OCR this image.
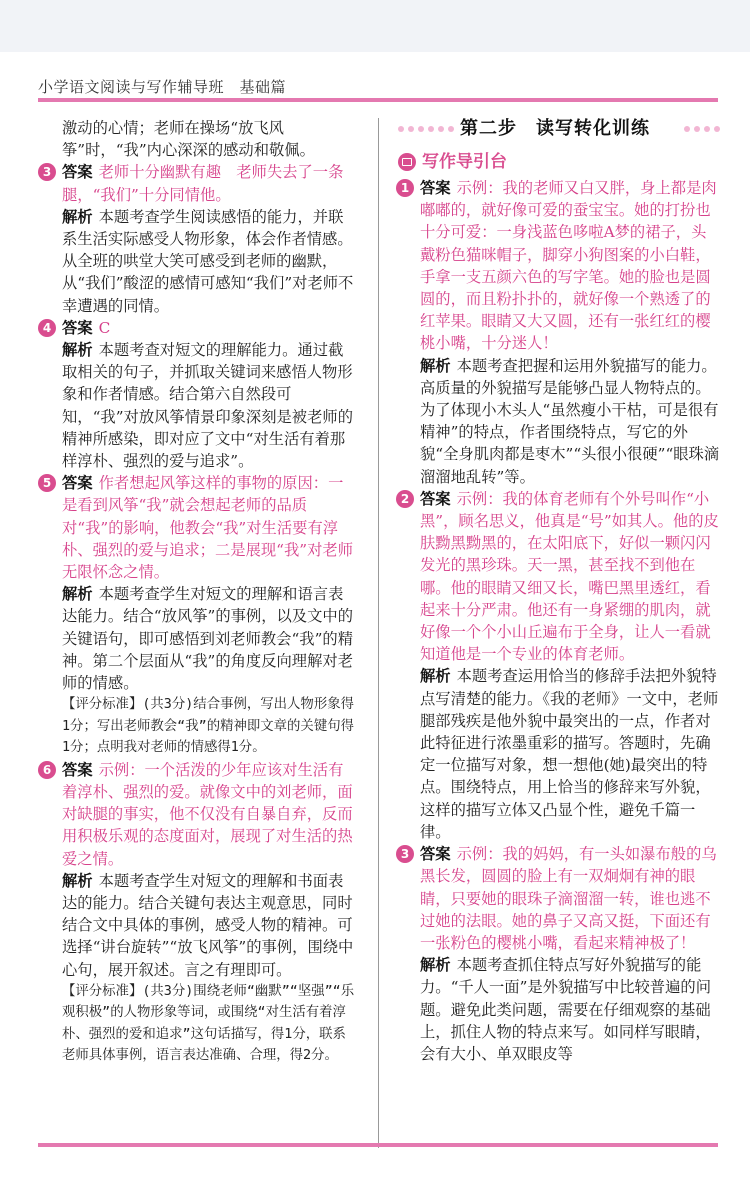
小学语文阅读与写作辅导班　基础篇

激动的心情；老师在操场“放飞风筝”时，“我”内心深深的感动和敬佩。

3 答案 老师十分幽默有趣　老师失去了一条腿，“我们”十分同情他。

解析 本题考查学生阅读感悟的能力，并联系生活实际感受人物形象，体会作者情感。从全班的哄堂大笑可感受到老师的幽默，从“我们”酸涩的感情可感知“我们”对老师不幸遭遇的同情。

4 答案 C

解析 本题考查对短文的理解能力。通过截取相关的句子，并抓取关键词来感悟人物形象和作者情感。结合第六自然段可知，“我”对放风筝情景印象深刻是被老师的精神所感染，即对应了文中“对生活有着那样淳朴、强烈的爱与追求”。

5 答案 作者想起风筝这样的事物的原因：一是看到风筝“我”就会想起老师的品质对“我”的影响，他教会“我”对生活要有淳朴、强烈的爱与追求；二是展现“我”对老师无限怀念之情。

解析 本题考查学生对短文的理解和语言表达能力。结合“放风筝”的事例，以及文中的关键语句，即可感悟到刘老师教会“我”的精神。第二个层面从“我”的角度反向理解对老师的情感。

【评分标准】(共3分)结合事例，写出人物形象得1分；写出老师教会“我”的精神即文章的关键句得1分；点明我对老师的情感得1分。

6 答案 示例：一个活泼的少年应该对生活有着淳朴、强烈的爱。就像文中的刘老师，面对缺腿的事实，他不仅没有自暴自弃，反而用积极乐观的态度面对，展现了对生活的热爱之情。

解析 本题考查学生对短文的理解和书面表达的能力。结合关键句表达主观意思，同时结合文中具体的事例，感受人物的精神。可选择“讲台旋转”“放飞风筝”的事例，围绕中心句，展开叙述。言之有理即可。

【评分标准】(共3分)围绕老师“幽默”“坚强”“乐观积极”的人物形象等词，或围绕“对生活有着淳朴、强烈的爱和追求”这句话描写，得1分，联系老师具体事例，语言表达准确、合理，得2分。

第二步　读写转化训练
写作导引台

1 答案 示例：我的老师又白又胖，身上都是肉嘟嘟的，就好像可爱的蚕宝宝。她的打扮也十分可爱：一身浅蓝色哆啦A梦的裙子，头戴粉色猫咪帽子，脚穿小狗图案的小白鞋，手拿一支五颜六色的写字笔。她的脸也是圆圆的，而且粉扑扑的，就好像一个熟透了的红苹果。眼睛又大又圆，还有一张红红的樱桃小嘴，十分迷人！

解析 本题考查把握和运用外貌描写的能力。高质量的外貌描写是能够凸显人物特点的。为了体现小木头人“虽然瘦小干枯，可是很有精神”的特点，作者围绕特点，写它的外貌“全身肌肉都是枣木”“头很小很硬”“眼珠滴溜溜地乱转”等。

2 答案 示例：我的体育老师有个外号叫作“小黑”，顾名思义，他真是“号”如其人。他的皮肤黝黑黝黑的，在太阳底下，好似一颗闪闪发光的黑珍珠。天一黑，甚至找不到他在哪。他的眼睛又细又长，嘴巴黑里透红，看起来十分严肃。他还有一身紧绷的肌肉，就好像一个个小山丘遍布于全身，让人一看就知道他是一个专业的体育老师。

解析 本题考查运用恰当的修辞手法把外貌特点写清楚的能力。《我的老师》一文中，老师腿部残疾是他外貌中最突出的一点，作者对此特征进行浓墨重彩的描写。答题时，先确定一位描写对象，想一想他(她)最突出的特点。围绕特点，用上恰当的修辞来写外貌，这样的描写立体又凸显个性，避免千篇一律。

3 答案 示例：我的妈妈，有一头如瀑布般的乌黑长发，圆圆的脸上有一双炯炯有神的眼睛，只要她的眼珠子滴溜溜一转，谁也逃不过她的法眼。她的鼻子又高又挺，下面还有一张粉色的樱桃小嘴，看起来精神极了！

解析 本题考查抓住特点写好外貌描写的能力。“千人一面”是外貌描写中比较普遍的问题。避免此类问题，需要在仔细观察的基础上，抓住人物的特点来写。如同样写眼睛，会有大小、单双眼皮等
